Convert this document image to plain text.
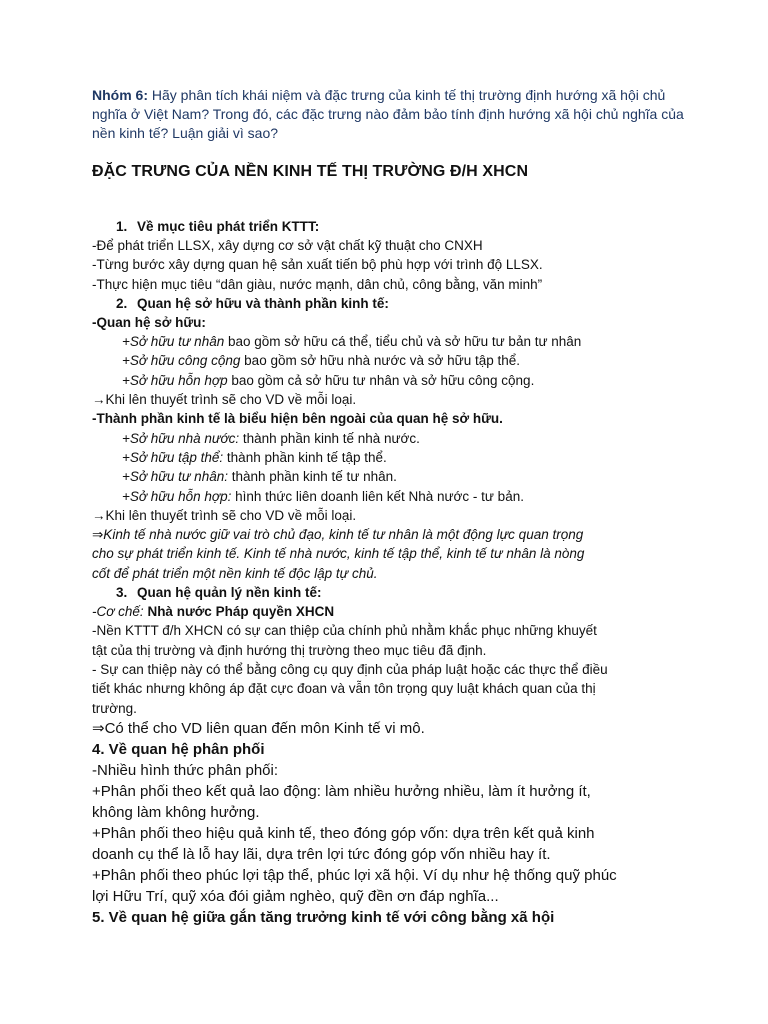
Nhóm 6: Hãy phân tích khái niệm và đặc trưng của kinh tế thị trường định hướng xã hội chủ nghĩa ở Việt Nam? Trong đó, các đặc trưng nào đảm bảo tính định hướng xã hội chủ nghĩa của nền kinh tế? Luận giải vì sao?

ĐẶC TRƯNG CỦA NỀN KINH TẾ THỊ TRƯỜNG Đ/H XHCN

1. Về mục tiêu phát triển KTTT:

-Để phát triển LLSX, xây dựng cơ sở vật chất kỹ thuật cho CNXH

-Từng bước xây dựng quan hệ sản xuất tiến bộ phù hợp với trình độ LLSX.

-Thực hiện mục tiêu “dân giàu, nước mạnh, dân chủ, công bằng, văn minh”

2. Quan hệ sở hữu và thành phần kinh tế:

-Quan hệ sở hữu:

+Sở hữu tư nhân bao gồm sở hữu cá thể, tiểu chủ và sở hữu tư bản tư nhân

+Sở hữu công cộng bao gồm sở hữu nhà nước và sở hữu tập thể.

+Sở hữu hỗn hợp bao gồm cả sở hữu tư nhân và sở hữu công cộng.

→Khi lên thuyết trình sẽ cho VD về mỗi loại.

-Thành phần kinh tế là biểu hiện bên ngoài của quan hệ sở hữu.

+Sở hữu nhà nước: thành phần kinh tế nhà nước.

+Sở hữu tập thể: thành phần kinh tế tập thể.

+Sở hữu tư nhân: thành phần kinh tế tư nhân.

+Sở hữu hỗn hợp: hình thức liên doanh liên kết Nhà nước - tư bản.

→Khi lên thuyết trình sẽ cho VD về mỗi loại.

⇒Kinh tế nhà nước giữ vai trò chủ đạo, kinh tế tư nhân là một động lực quan trọng

cho sự phát triển kinh tế. Kinh tế nhà nước, kinh tế tập thể, kinh tế tư nhân là nòng

cốt để phát triển một nền kinh tế độc lập tự chủ.

3. Quan hệ quản lý nền kinh tế:

-Cơ chế: Nhà nước Pháp quyền XHCN

-Nền KTTT đ/h XHCN có sự can thiệp của chính phủ nhằm khắc phục những khuyết

tật của thị trường và định hướng thị trường theo mục tiêu đã định.

- Sự can thiệp này có thể bằng công cụ quy định của pháp luật hoặc các thực thể điều

tiết khác nhưng không áp đặt cực đoan và vẫn tôn trọng quy luật khách quan của thị

trường.

⇒Có thể cho VD liên quan đến môn Kinh tế vi mô.

4. Về quan hệ phân phối

-Nhiều hình thức phân phối:

+Phân phối theo kết quả lao động: làm nhiều hưởng nhiều, làm ít hưởng ít,

không làm không hưởng.

+Phân phối theo hiệu quả kinh tế, theo đóng góp vốn: dựa trên kết quả kinh

doanh cụ thể là lỗ hay lãi, dựa trên lợi tức đóng góp vốn nhiều hay ít.

+Phân phối theo phúc lợi tập thể, phúc lợi xã hội. Ví dụ như hệ thống quỹ phúc

lợi Hữu Trí, quỹ xóa đói giảm nghèo, quỹ đền ơn đáp nghĩa...

5. Về quan hệ giữa gắn tăng trưởng kinh tế với công bằng xã hội
